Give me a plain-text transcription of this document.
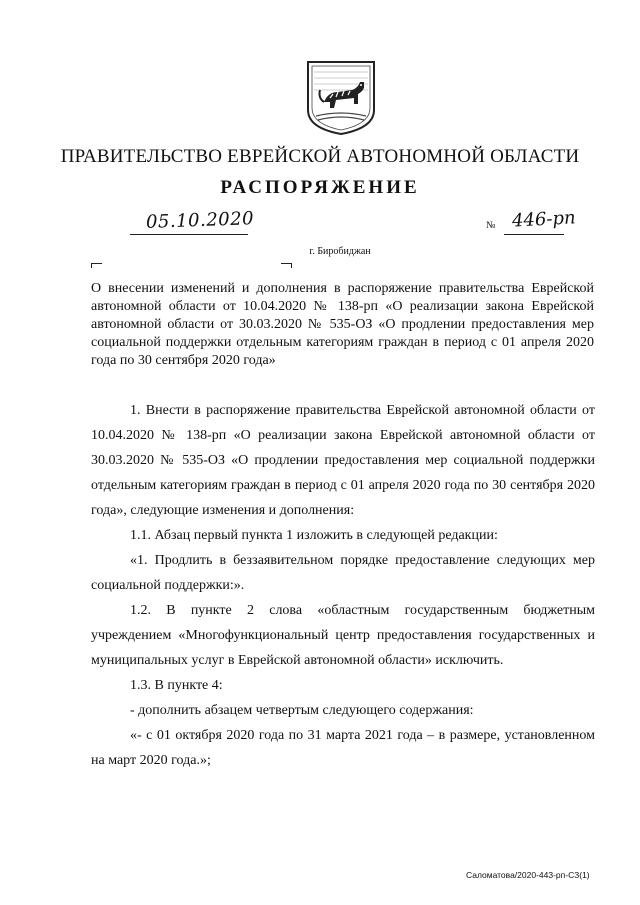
ПРАВИТЕЛЬСТВО ЕВРЕЙСКОЙ АВТОНОМНОЙ ОБЛАСТИ
РАСПОРЯЖЕНИЕ
05.10.2020	№ 446-рп
г. Биробиджан
О внесении изменений и дополнения в распоряжение правительства Еврейской автономной области от 10.04.2020 № 138-рп «О реализации закона Еврейской автономной области от 30.03.2020 № 535-ОЗ «О продлении предоставления мер социальной поддержки отдельным категориям граждан в период с 01 апреля 2020 года по 30 сентября 2020 года»

1. Внести в распоряжение правительства Еврейской автономной области от 10.04.2020 № 138-рп «О реализации закона Еврейской автономной области от 30.03.2020 № 535-ОЗ «О продлении предоставления мер социальной поддержки отдельным категориям граждан в период с 01 апреля 2020 года по 30 сентября 2020 года», следующие изменения и дополнения:

1.1. Абзац первый пункта 1 изложить в следующей редакции:

«1. Продлить в беззаявительном порядке предоставление следующих мер социальной поддержки:».

1.2. В пункте 2 слова «областным государственным бюджетным учреждением «Многофункциональный центр предоставления государственных и муниципальных услуг в Еврейской автономной области» исключить.

1.3. В пункте 4:

- дополнить абзацем четвертым следующего содержания:

«- с 01 октября 2020 года по 31 марта 2021 года – в размере, установленном на март 2020 года.»;

Саломатова/2020-443-рп-СЗ(1)
